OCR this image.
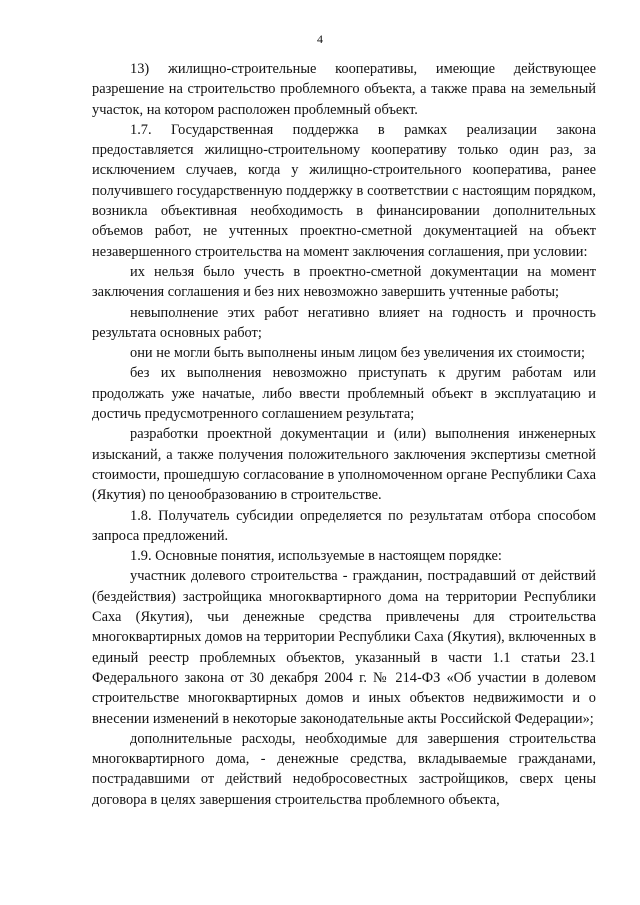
4

13) жилищно-строительные кооперативы, имеющие действующее разрешение на строительство проблемного объекта, а также права на земельный участок, на котором расположен проблемный объект.

1.7. Государственная поддержка в рамках реализации закона предоставляется жилищно-строительному кооперативу только один раз, за исключением случаев, когда у жилищно-строительного кооператива, ранее получившего государственную поддержку в соответствии с настоящим порядком, возникла объективная необходимость в финансировании дополнительных объемов работ, не учтенных проектно-сметной документацией на объект незавершенного строительства на момент заключения соглашения, при условии:

их нельзя было учесть в проектно-сметной документации на момент заключения соглашения и без них невозможно завершить учтенные работы;

невыполнение этих работ негативно влияет на годность и прочность результата основных работ;

они не могли быть выполнены иным лицом без увеличения их стоимости;

без их выполнения невозможно приступать к другим работам или продолжать уже начатые, либо ввести проблемный объект в эксплуатацию и достичь предусмотренного соглашением результата;

разработки проектной документации и (или) выполнения инженерных изысканий, а также получения положительного заключения экспертизы сметной стоимости, прошедшую согласование в уполномоченном органе Республики Саха (Якутия) по ценообразованию в строительстве.

1.8. Получатель субсидии определяется по результатам отбора способом запроса предложений.

1.9. Основные понятия, используемые в настоящем порядке:

участник долевого строительства - гражданин, пострадавший от действий (бездействия) застройщика многоквартирного дома на территории Республики Саха (Якутия), чьи денежные средства привлечены для строительства многоквартирных домов на территории Республики Саха (Якутия), включенных в единый реестр проблемных объектов, указанный в части 1.1 статьи 23.1 Федерального закона от 30 декабря 2004 г. № 214-ФЗ «Об участии в долевом строительстве многоквартирных домов и иных объектов недвижимости и о внесении изменений в некоторые законодательные акты Российской Федерации»;

дополнительные расходы, необходимые для завершения строительства многоквартирного дома, - денежные средства, вкладываемые гражданами, пострадавшими от действий недобросовестных застройщиков, сверх цены договора в целях завершения строительства проблемного объекта,
